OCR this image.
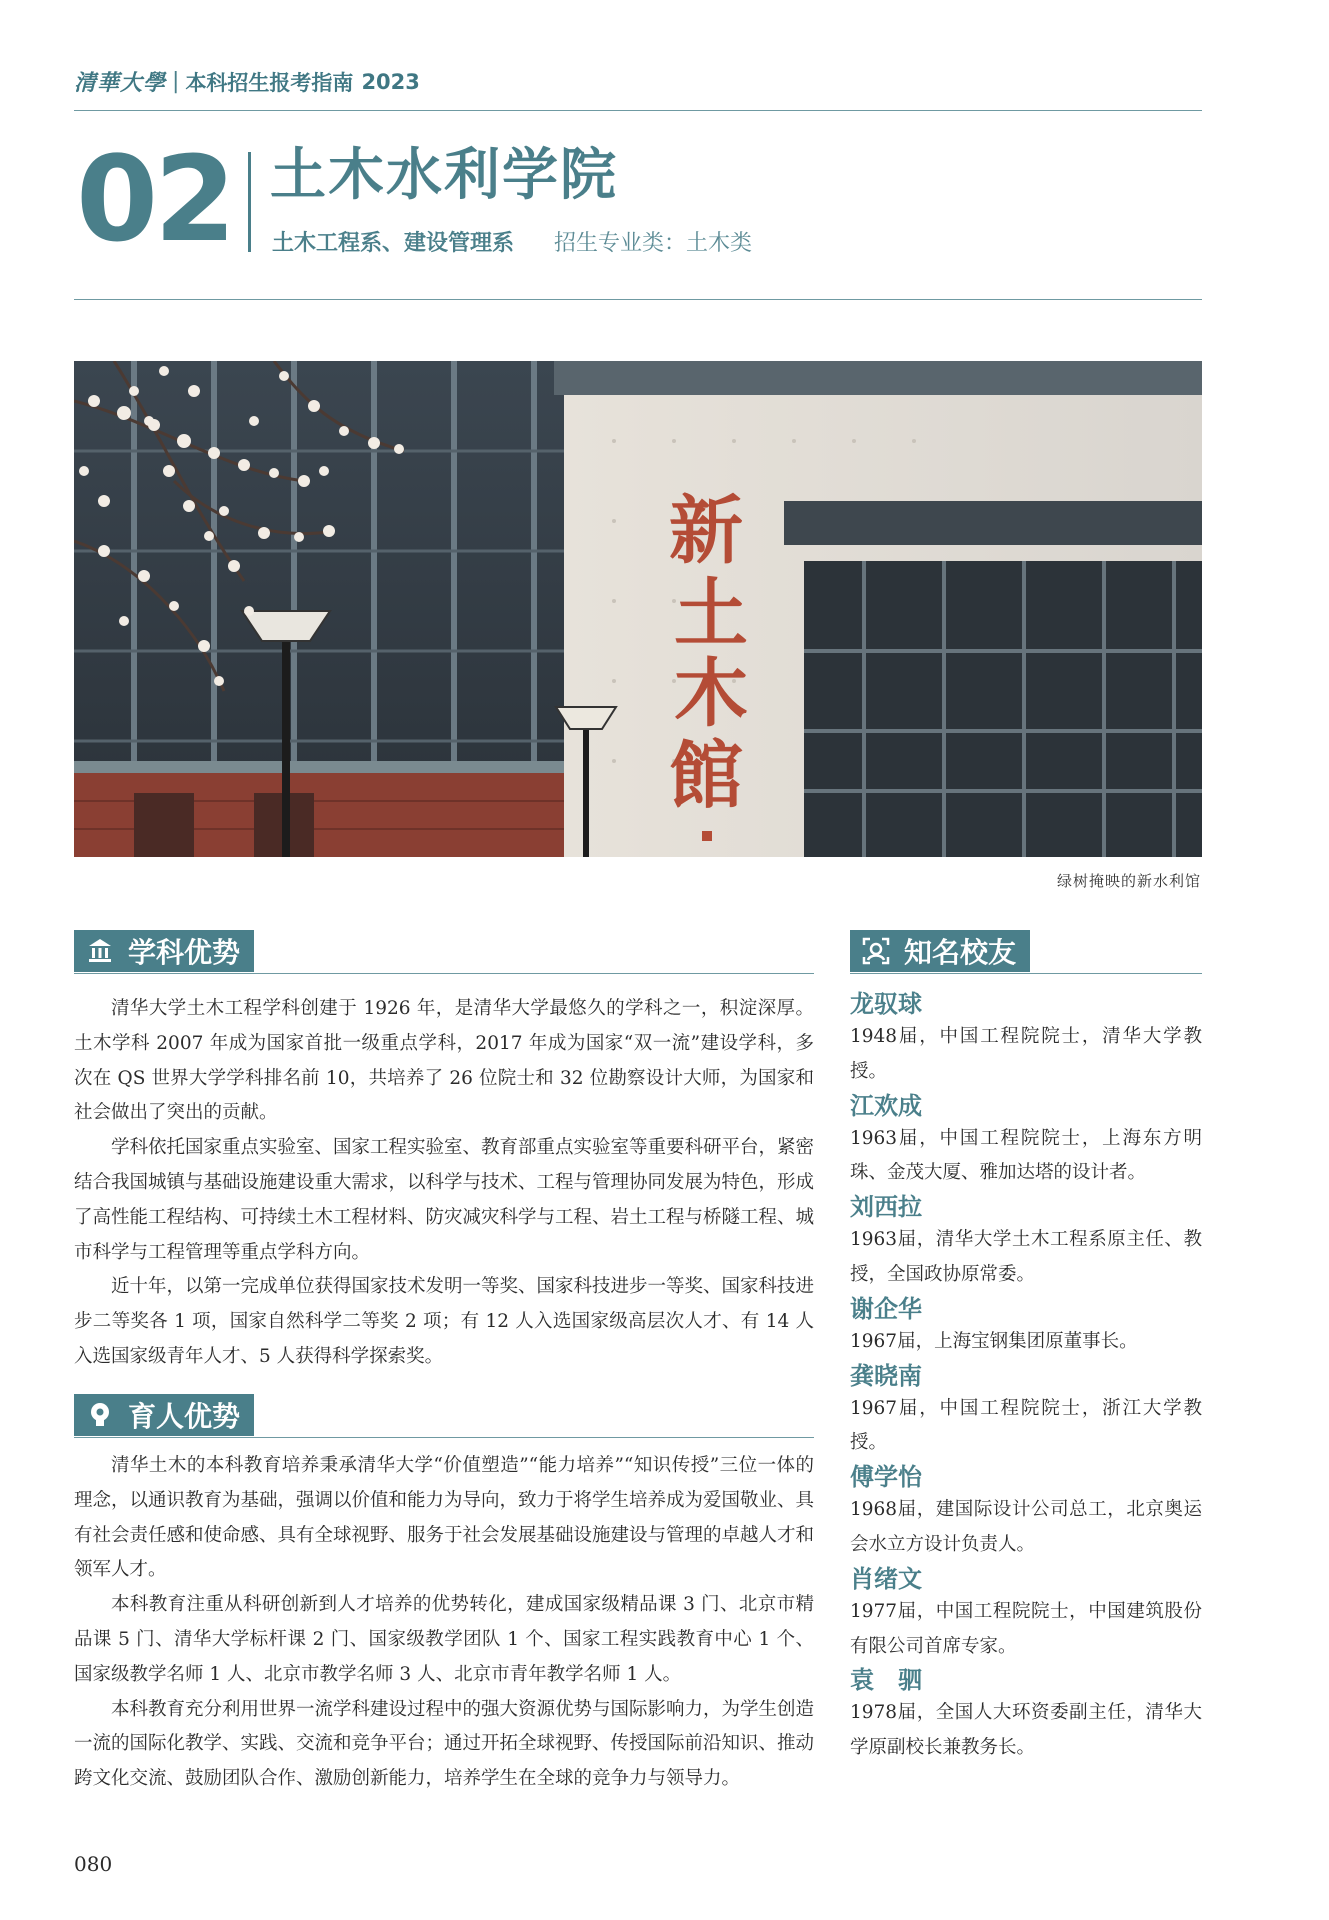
清華大學 | 本科招生报考指南 2023
02 土木水利学院
土木工程系、建设管理系 招生专业类：土木类
新
土
木
館
绿树掩映的新水利馆
学科优势

清华大学土木工程学科创建于 1926 年，是清华大学最悠久的学科之一，积淀深厚。土木学科 2007 年成为国家首批一级重点学科，2017 年成为国家“双一流”建设学科，多次在 QS 世界大学学科排名前 10，共培养了 26 位院士和 32 位勘察设计大师，为国家和社会做出了突出的贡献。

学科依托国家重点实验室、国家工程实验室、教育部重点实验室等重要科研平台，紧密结合我国城镇与基础设施建设重大需求，以科学与技术、工程与管理协同发展为特色，形成了高性能工程结构、可持续土木工程材料、防灾减灾科学与工程、岩土工程与桥隧工程、城市科学与工程管理等重点学科方向。

近十年，以第一完成单位获得国家技术发明一等奖、国家科技进步一等奖、国家科技进步二等奖各 1 项，国家自然科学二等奖 2 项；有 12 人入选国家级高层次人才、有 14 人入选国家级青年人才、5 人获得科学探索奖。

育人优势

清华土木的本科教育培养秉承清华大学“价值塑造”“能力培养”“知识传授”三位一体的理念，以通识教育为基础，强调以价值和能力为导向，致力于将学生培养成为爱国敬业、具有社会责任感和使命感、具有全球视野、服务于社会发展基础设施建设与管理的卓越人才和领军人才。

本科教育注重从科研创新到人才培养的优势转化，建成国家级精品课 3 门、北京市精品课 5 门、清华大学标杆课 2 门、国家级教学团队 1 个、国家工程实践教育中心 1 个、国家级教学名师 1 人、北京市教学名师 3 人、北京市青年教学名师 1 人。

本科教育充分利用世界一流学科建设过程中的强大资源优势与国际影响力，为学生创造一流的国际化教学、实践、交流和竞争平台；通过开拓全球视野、传授国际前沿知识、推动跨文化交流、鼓励团队合作、激励创新能力，培养学生在全球的竞争力与领导力。

知名校友
龙驭球
1948届，中国工程院院士，清华大学教授。
江欢成
1963届，中国工程院院士，上海东方明珠、金茂大厦、雅加达塔的设计者。
刘西拉
1963届，清华大学土木工程系原主任、教授，全国政协原常委。
谢企华
1967届，上海宝钢集团原董事长。
龚晓南
1967届，中国工程院院士，浙江大学教授。
傅学怡
1968届，建国际设计公司总工，北京奥运会水立方设计负责人。
肖绪文
1977届，中国工程院院士，中国建筑股份有限公司首席专家。
袁　驷
1978届，全国人大环资委副主任，清华大学原副校长兼教务长。
080
